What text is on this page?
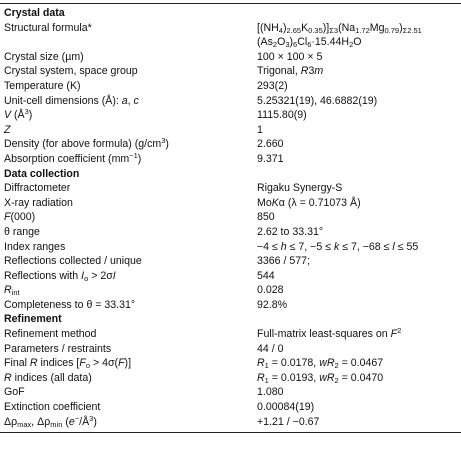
Crystal data
Structural formula*	$[(NH_4)_{2.65}K_{0.35})]_{\Sigma 3}(Na_{1.72}Mg_{0.79})_{\Sigma 2.51}$
$(As_2O_3)_6Cl_6\cdot 15.44H_2O$
Crystal size (µm)	100 × 100 × 5
Crystal system, space group	Trigonal, R3m
Temperature (K)	293(2)
Unit-cell dimensions (Å): a, c	5.25321(19), 46.6882(19)
V $(Å^3)$	1115.80(9)
Z	1
Density (for above formula) $(g/cm^3)$	2.660
Absorption coefficient $(mm^{-1})$	9.371
Data collection
Diffractometer	Rigaku Synergy-S
X-ray radiation	MoKα (λ = 0.71073 Å)
F(000)	850
θ range	2.62 to 33.31°
Index ranges	−4 ≤ h ≤ 7, −5 ≤ k ≤ 7, −68 ≤ l ≤ 55
Reflections collected / unique	3366 / 577;
Reflections with $I_o > 2\sigma I$	544
$R_{int}$	0.028
Completeness to θ = 33.31°	92.8%
Refinement
Refinement method	Full-matrix least-squares on $F^2$
Parameters / restraints	44 / 0
Final R indices $[F_o > 4\sigma(F)]$	$R_1 = 0.0178$, $wR_2 = 0.0467$
R indices (all data)	$R_1 = 0.0193$, $wR_2 = 0.0470$
GoF	1.080
Extinction coefficient	0.00084(19)
$\Delta\rho_{max}$, $\Delta\rho_{min}$ $(e^-/Å^3)$	+1.21 / −0.67
